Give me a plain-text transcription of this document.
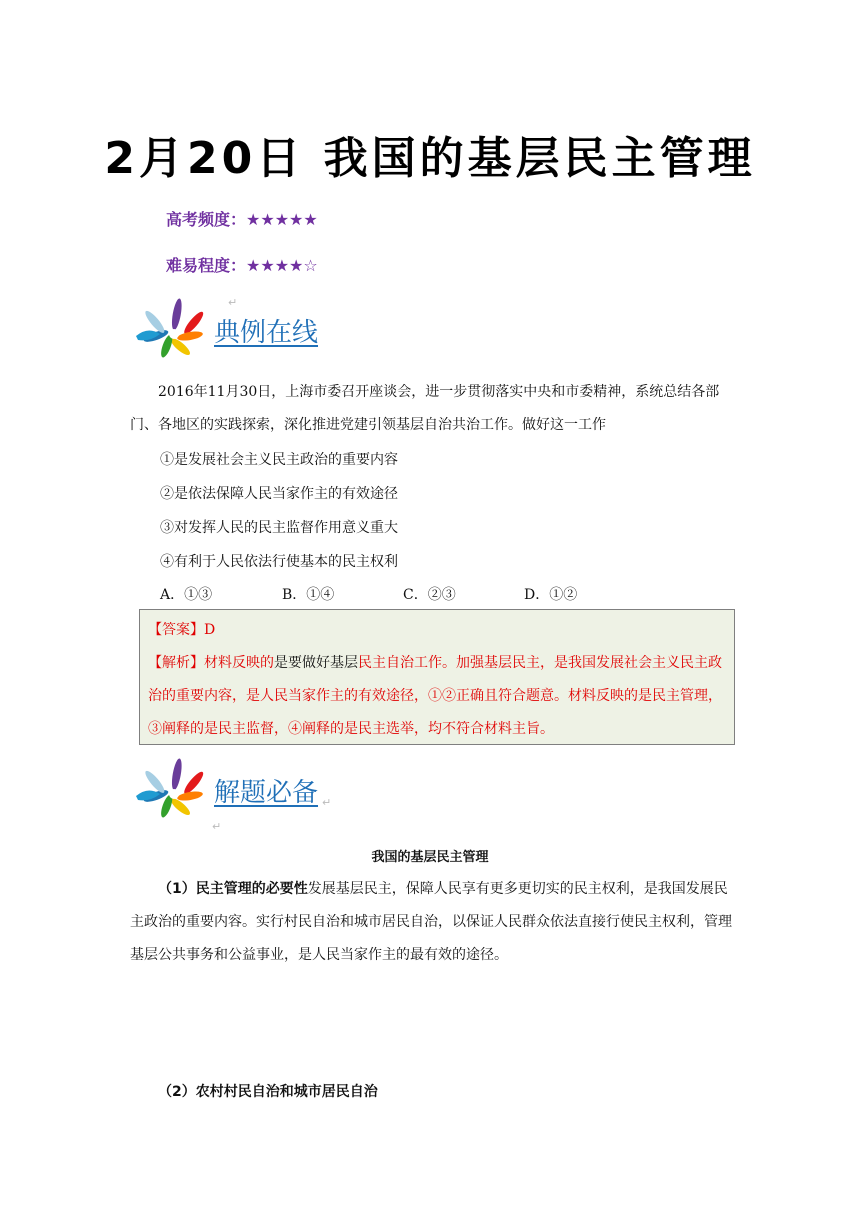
2月20日 我国的基层民主管理
高考频度：★★★★★
难易程度：★★★★☆
典例在线
↵
2016年11月30日，上海市委召开座谈会，进一步贯彻落实中央和市委精神，系统总结各部门、各地区的实践探索，深化推进党建引领基层自治共治工作。做好这一工作
①是发展社会主义民主政治的重要内容
②是依法保障人民当家作主的有效途径
③对发挥人民的民主监督作用意义重大
④有利于人民依法行使基本的民主权利
A．①③	B．①④	C．②③	D．①②
【答案】D
【解析】材料反映的是要做好基层民主自治工作。加强基层民主，是我国发展社会主义民主政治的重要内容，是人民当家作主的有效途径，①②正确且符合题意。材料反映的是民主管理，③阐释的是民主监督，④阐释的是民主选举，均不符合材料主旨。
解题必备 ↵
↵
我国的基层民主管理
（1）民主管理的必要性发展基层民主，保障人民享有更多更切实的民主权利，是我国发展民主政治的重要内容。实行村民自治和城市居民自治，以保证人民群众依法直接行使民主权利，管理基层公共事务和公益事业，是人民当家作主的最有效的途径。
（2）农村村民自治和城市居民自治
